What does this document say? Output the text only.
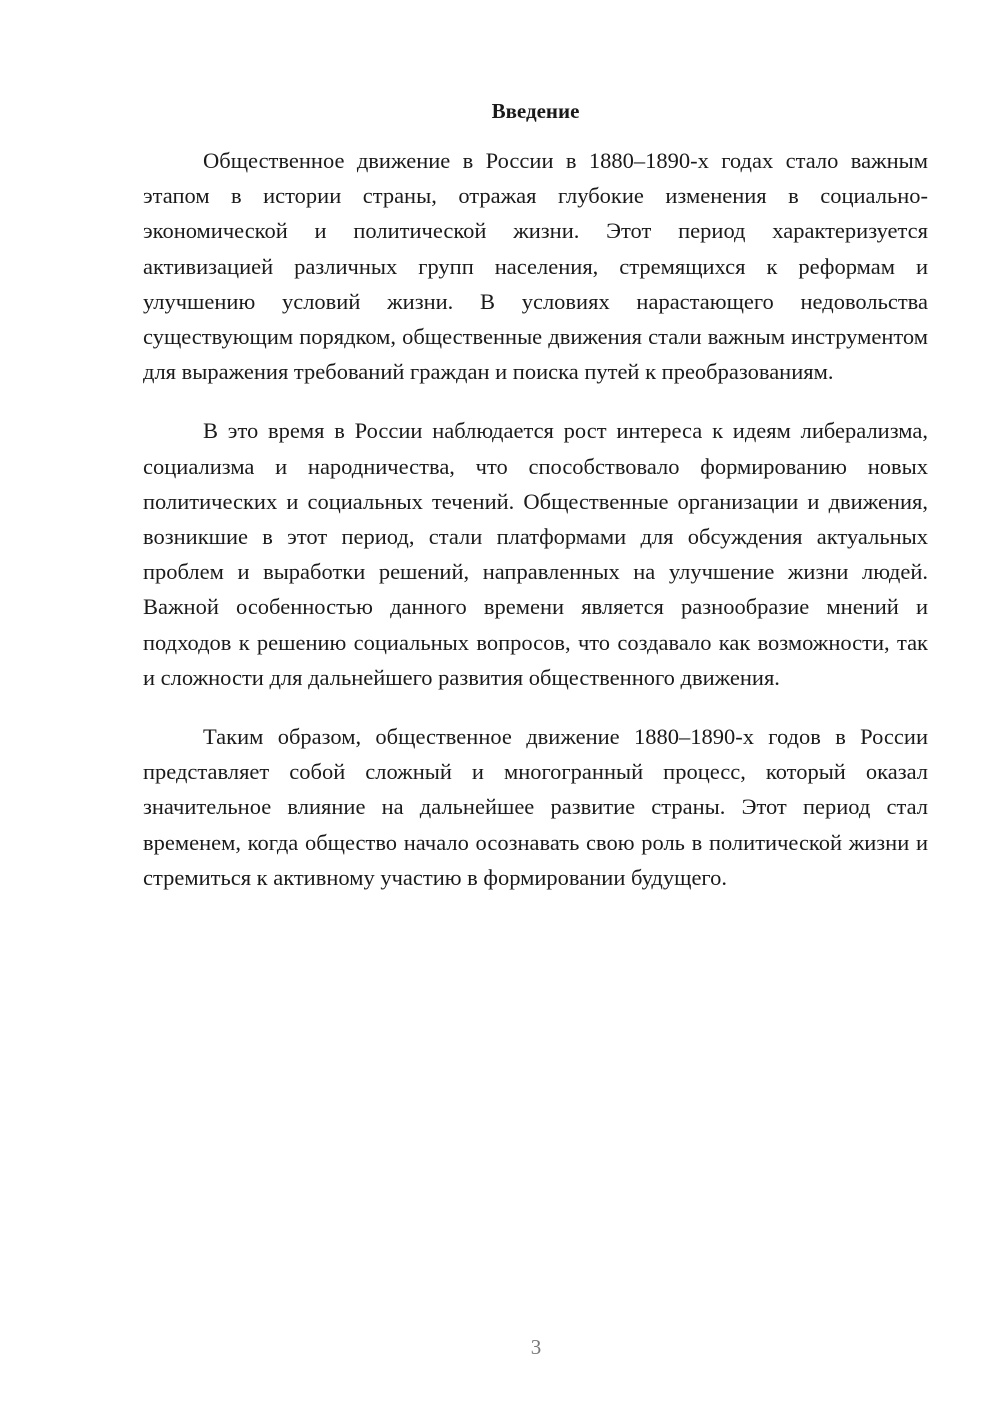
Введение

Общественное движение в России в 1880–1890-х годах стало важным этапом в истории страны, отражая глубокие изменения в социально-экономической и политической жизни. Этот период характеризуется активизацией различных групп населения, стремящихся к реформам и улучшению условий жизни. В условиях нарастающего недовольства существующим порядком, общественные движения стали важным инструментом для выражения требований граждан и поиска путей к преобразованиям.

В это время в России наблюдается рост интереса к идеям либерализма, социализма и народничества, что способствовало формированию новых политических и социальных течений. Общественные организации и движения, возникшие в этот период, стали платформами для обсуждения актуальных проблем и выработки решений, направленных на улучшение жизни людей. Важной особенностью данного времени является разнообразие мнений и подходов к решению социальных вопросов, что создавало как возможности, так и сложности для дальнейшего развития общественного движения.

Таким образом, общественное движение 1880–1890-х годов в России представляет собой сложный и многогранный процесс, который оказал значительное влияние на дальнейшее развитие страны. Этот период стал временем, когда общество начало осознавать свою роль в политической жизни и стремиться к активному участию в формировании будущего.

3
